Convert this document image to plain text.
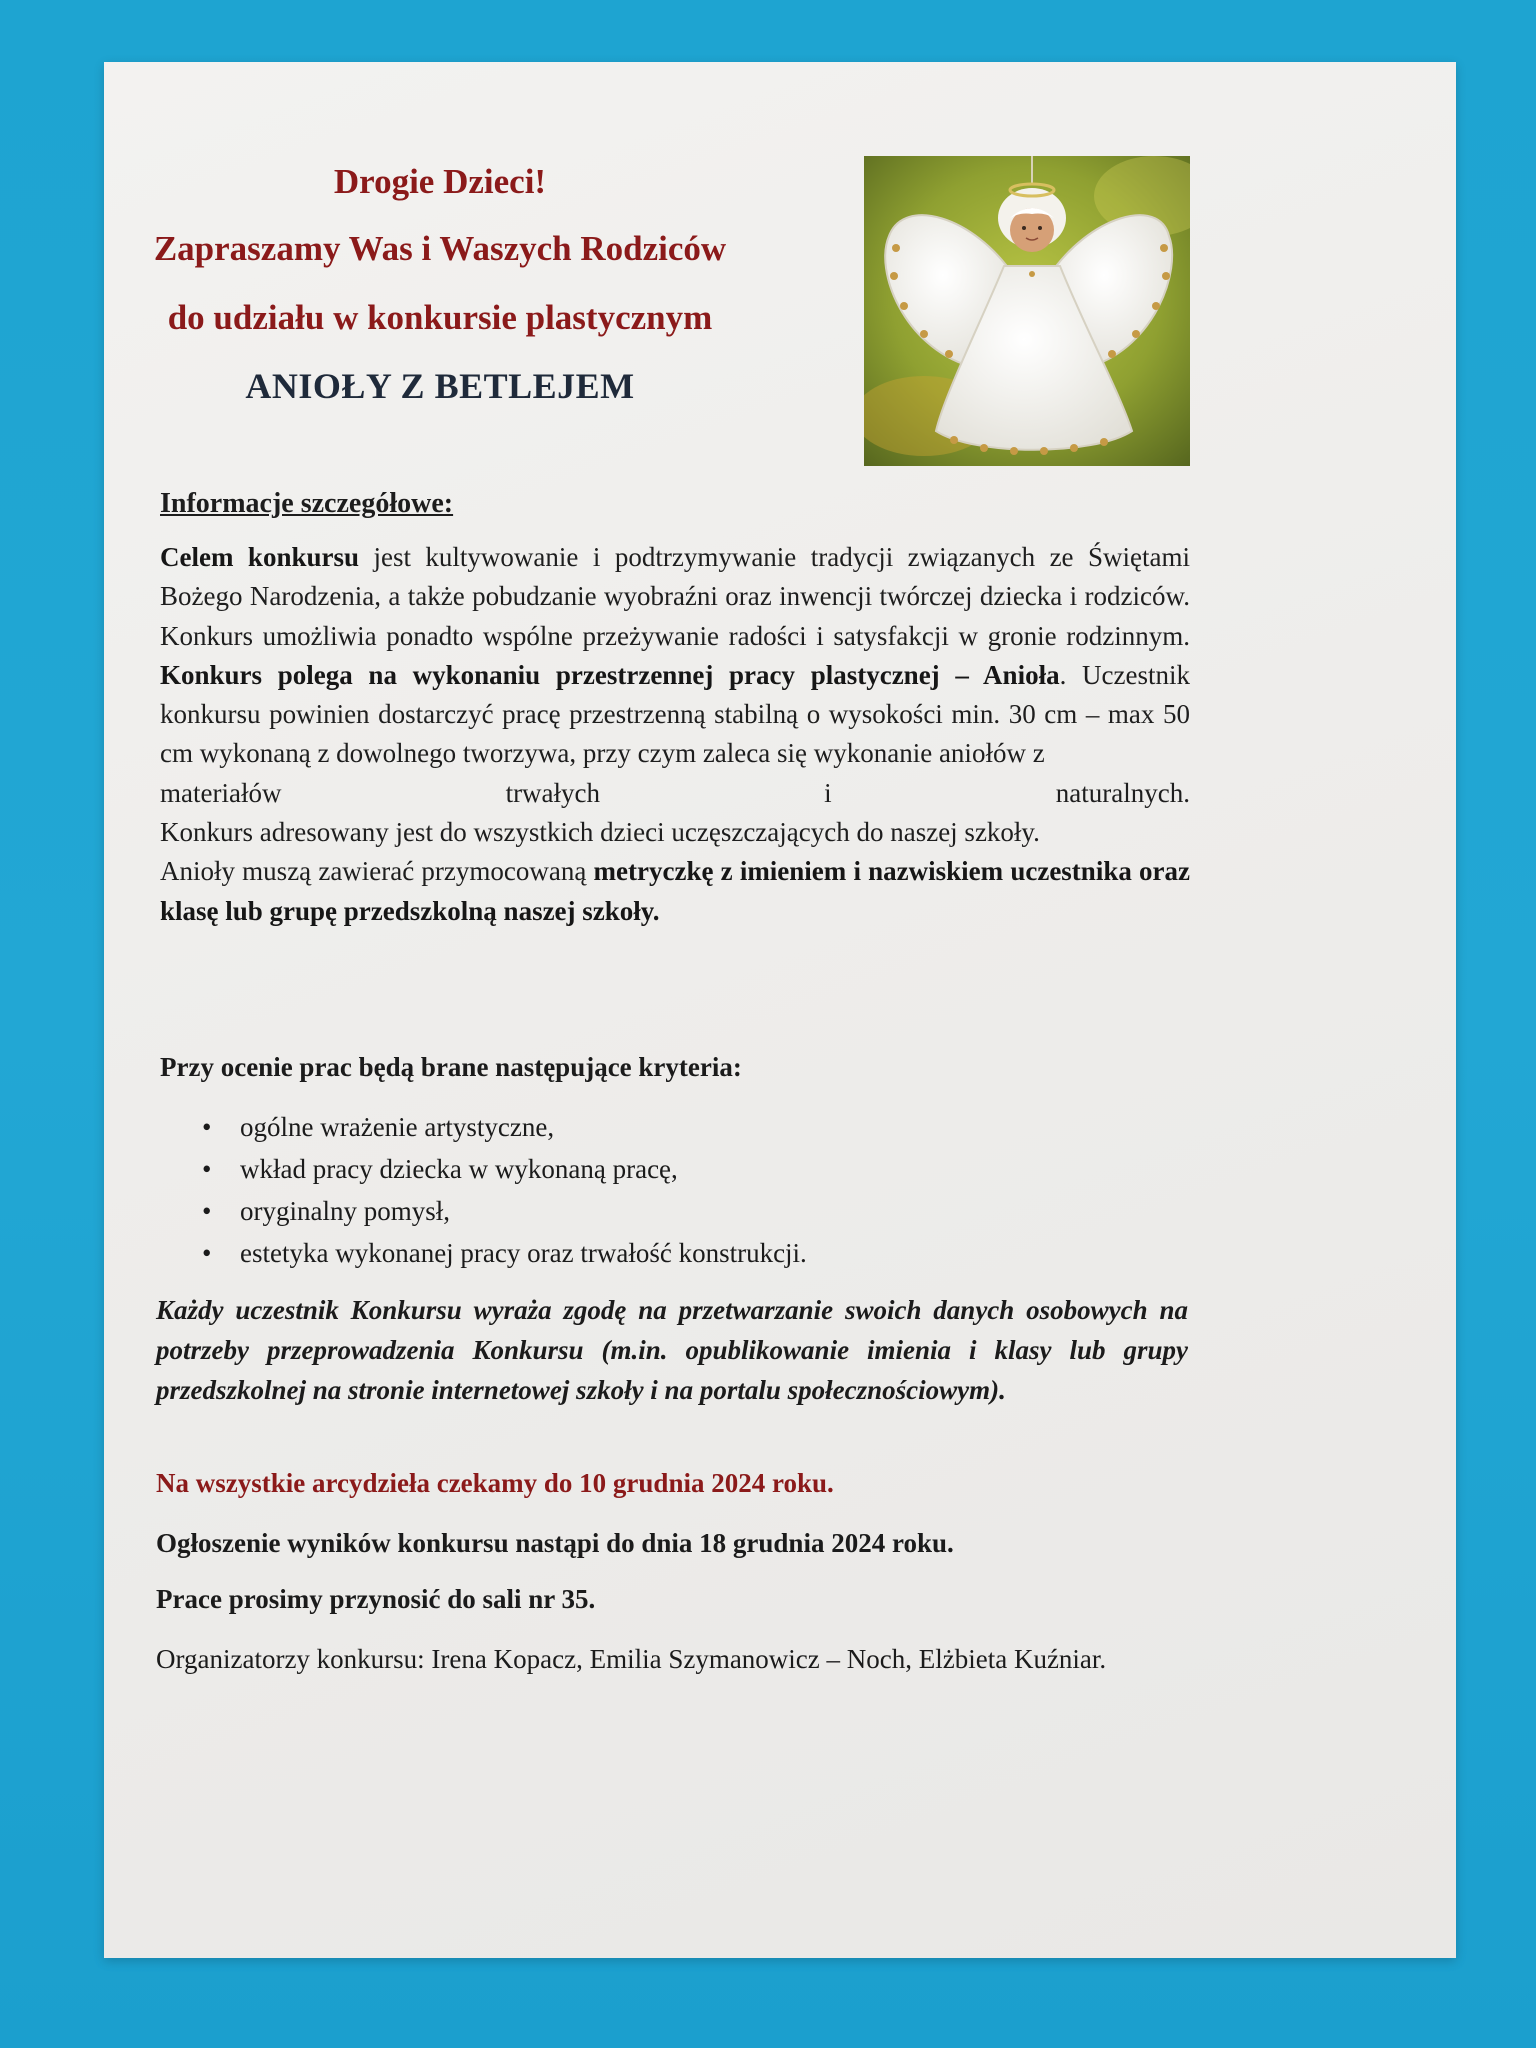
Drogie Dzieci!
Zapraszamy Was i Waszych Rodziców
do udziału w konkursie plastycznym
ANIOŁY Z BETLEJEM
Informacje szczegółowe:

Celem konkursu jest kultywowanie i podtrzymywanie tradycji związanych ze Świętami Bożego Narodzenia, a także pobudzanie wyobraźni oraz inwencji twórczej dziecka i rodziców. Konkurs umożliwia ponadto wspólne przeżywanie radości i satysfakcji w gronie rodzinnym. Konkurs polega na wykonaniu przestrzennej pracy plastycznej – Anioła. Uczestnik konkursu powinien dostarczyć pracę przestrzenną stabilną o wysokości min. 30 cm – max 50 cm wykonaną z dowolnego tworzywa, przy czym zaleca się wykonanie aniołów z

materiałów	trwałych	i	naturalnych.

Konkurs adresowany jest do wszystkich dzieci uczęszczających do naszej szkoły.

Anioły muszą zawierać przymocowaną metryczkę z imieniem i nazwiskiem uczestnika oraz klasę lub grupę przedszkolną naszej szkoły.

Przy ocenie prac będą brane następujące kryteria:
• ogólne wrażenie artystyczne,
• wkład pracy dziecka w wykonaną pracę,
• oryginalny pomysł,
• estetyka wykonanej pracy oraz trwałość konstrukcji.
Każdy uczestnik Konkursu wyraża zgodę na przetwarzanie swoich danych osobowych na potrzeby przeprowadzenia Konkursu (m.in. opublikowanie imienia i klasy lub grupy przedszkolnej na stronie internetowej szkoły i na portalu społecznościowym).
Na wszystkie arcydzieła czekamy do 10 grudnia 2024 roku.
Ogłoszenie wyników konkursu nastąpi do dnia 18 grudnia 2024 roku.
Prace prosimy przynosić do sali nr 35.
Organizatorzy konkursu: Irena Kopacz, Emilia Szymanowicz – Noch, Elżbieta Kuźniar.
